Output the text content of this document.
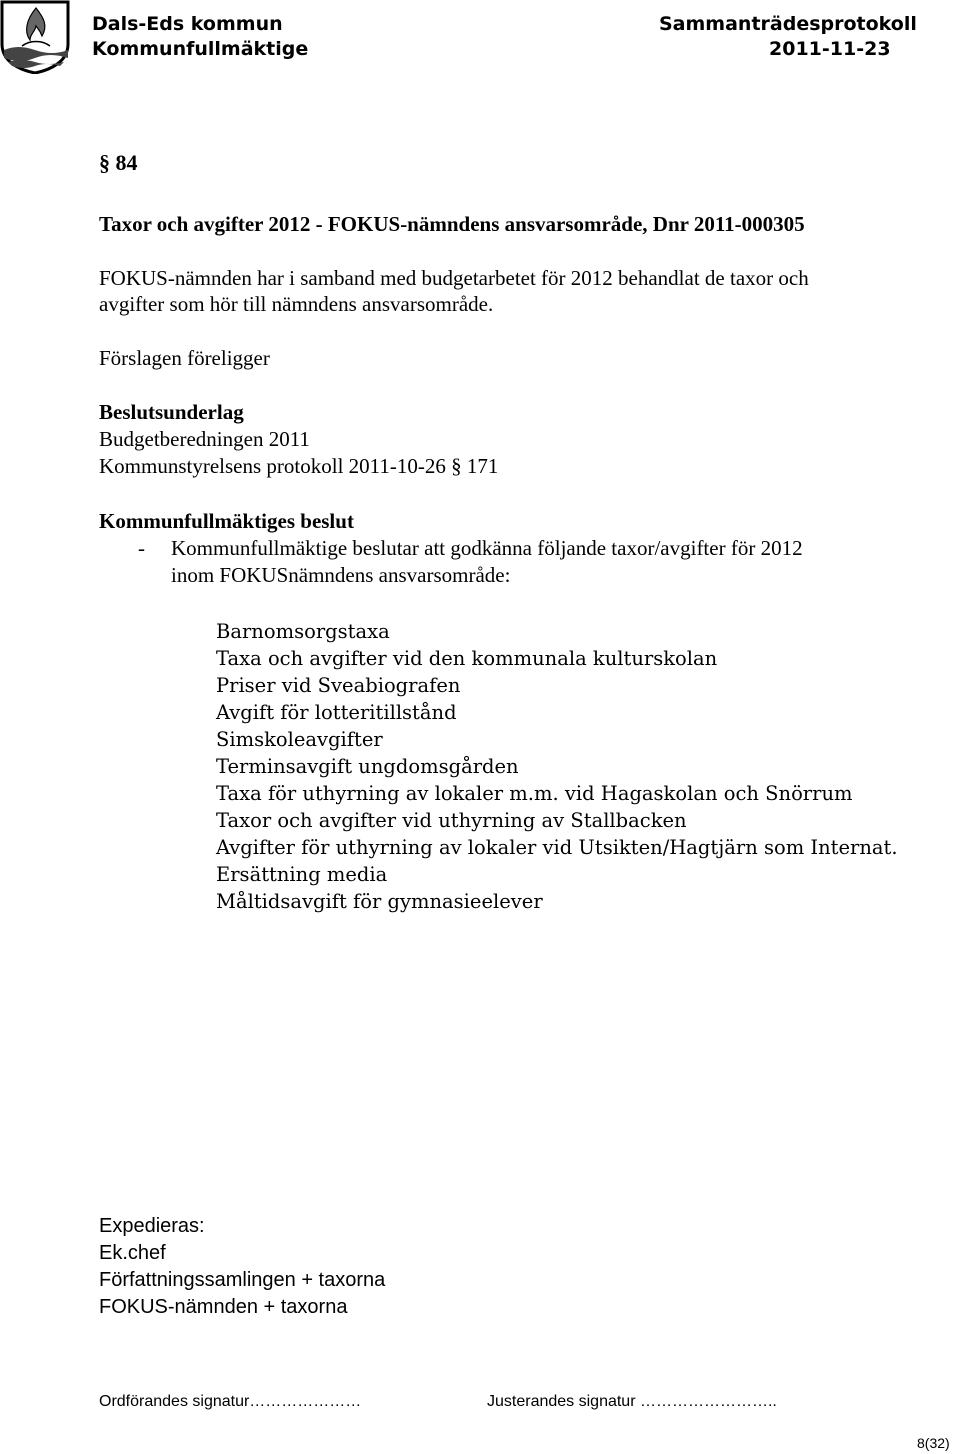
Dals-Eds kommun
Kommunfullmäktige
Sammanträdesprotokoll
2011-11-23
§ 84
Taxor och avgifter 2012 - FOKUS-nämndens ansvarsområde, Dnr 2011-000305
FOKUS-nämnden har i samband med budgetarbetet för 2012 behandlat de taxor och
avgifter som hör till nämndens ansvarsområde.
Förslagen föreligger
Beslutsunderlag
Budgetberedningen 2011
Kommunstyrelsens protokoll 2011-10-26 § 171
Kommunfullmäktiges beslut
- Kommunfullmäktige beslutar att godkänna följande taxor/avgifter för 2012
inom FOKUSnämndens ansvarsområde:
Barnomsorgstaxa
Taxa och avgifter vid den kommunala kulturskolan
Priser vid Sveabiografen
Avgift för lotteritillstånd
Simskoleavgifter
Terminsavgift ungdomsgården
Taxa för uthyrning av lokaler m.m. vid Hagaskolan och Snörrum
Taxor och avgifter vid uthyrning av Stallbacken
Avgifter för uthyrning av lokaler vid Utsikten/Hagtjärn som Internat.
Ersättning media
Måltidsavgift för gymnasieelever
Expedieras:
Ek.chef
Författningssamlingen + taxorna
FOKUS-nämnden + taxorna
Ordförandes signatur…………………	Justerandes signatur ……………………..
8(32)
